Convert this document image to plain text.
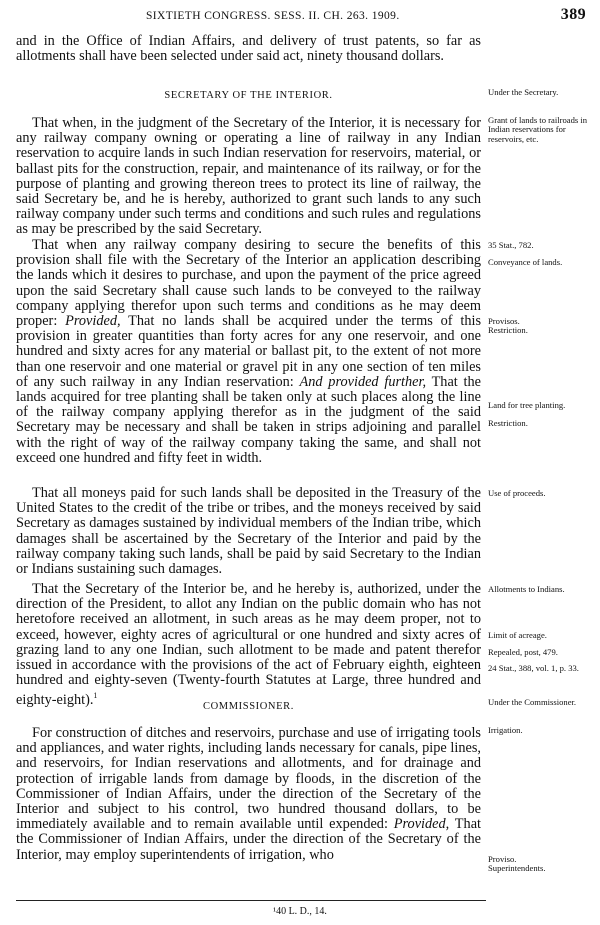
SIXTIETH CONGRESS. SESS. II. CH. 263. 1909.	389

and in the Office of Indian Affairs, and delivery of trust patents, so far as allotments shall have been selected under said act, ninety thousand dollars.

SECRETARY OF THE INTERIOR.

That when, in the judgment of the Secretary of the Interior, it is necessary for any railway company owning or operating a line of railway in any Indian reservation to acquire lands in such Indian reservation for reservoirs, material, or ballast pits for the construction, repair, and maintenance of its railway, or for the purpose of planting and growing thereon trees to protect its line of railway, the said Secretary be, and he is hereby, authorized to grant such lands to any such railway company under such terms and conditions and such rules and regulations as may be prescribed by the said Secretary.

That when any railway company desiring to secure the benefits of this provision shall file with the Secretary of the Interior an application describing the lands which it desires to purchase, and upon the payment of the price agreed upon the said Secretary shall cause such lands to be conveyed to the railway company applying therefor upon such terms and conditions as he may deem proper: Provided, That no lands shall be acquired under the terms of this provision in greater quantities than forty acres for any one reservoir, and one hundred and sixty acres for any material or ballast pit, to the extent of not more than one reservoir and one material or gravel pit in any one section of ten miles of any such railway in any Indian reservation: And provided further, That the lands acquired for tree planting shall be taken only at such places along the line of the railway company applying therefor as in the judgment of the said Secretary may be necessary and shall be taken in strips adjoining and parallel with the right of way of the railway company taking the same, and shall not exceed one hundred and fifty feet in width.

That all moneys paid for such lands shall be deposited in the Treasury of the United States to the credit of the tribe or tribes, and the moneys received by said Secretary as damages sustained by individual members of the Indian tribe, which damages shall be ascertained by the Secretary of the Interior and paid by the railway company taking such lands, shall be paid by said Secretary to the Indian or Indians sustaining such damages.

That the Secretary of the Interior be, and he hereby is, authorized, under the direction of the President, to allot any Indian on the public domain who has not heretofore received an allotment, in such areas as he may deem proper, not to exceed, however, eighty acres of agricultural or one hundred and sixty acres of grazing land to any one Indian, such allotment to be made and patent therefor issued in accordance with the provisions of the act of February eighth, eighteen hundred and eighty-seven (Twenty-fourth Statutes at Large, three hundred and eighty-eight).$^1$

COMMISSIONER.

For construction of ditches and reservoirs, purchase and use of irrigating tools and appliances, and water rights, including lands necessary for canals, pipe lines, and reservoirs, for Indian reservations and allotments, and for drainage and protection of irrigable lands from damage by floods, in the discretion of the Commissioner of Indian Affairs, under the direction of the Secretary of the Interior and subject to his control, two hundred thousand dollars, to be immediately available and to remain available until expended: Provided, That the Commissioner of Indian Affairs, under the direction of the Secretary of the Interior, may employ superintendents of irrigation, who

Under the Secretary.
Grant of lands to railroads in Indian reservations for reservoirs, etc.
35 Stat., 782.
Conveyance of lands.
Provisos. Restriction.
Land for tree planting.
Restriction.
Use of proceeds.
Allotments to Indians.
Limit of acreage.
Repealed, post, 479.
24 Stat., 388, vol. 1, p. 33.
Under the Commissioner.
Irrigation.
Proviso. Superintendents.
¹40 L. D., 14.
